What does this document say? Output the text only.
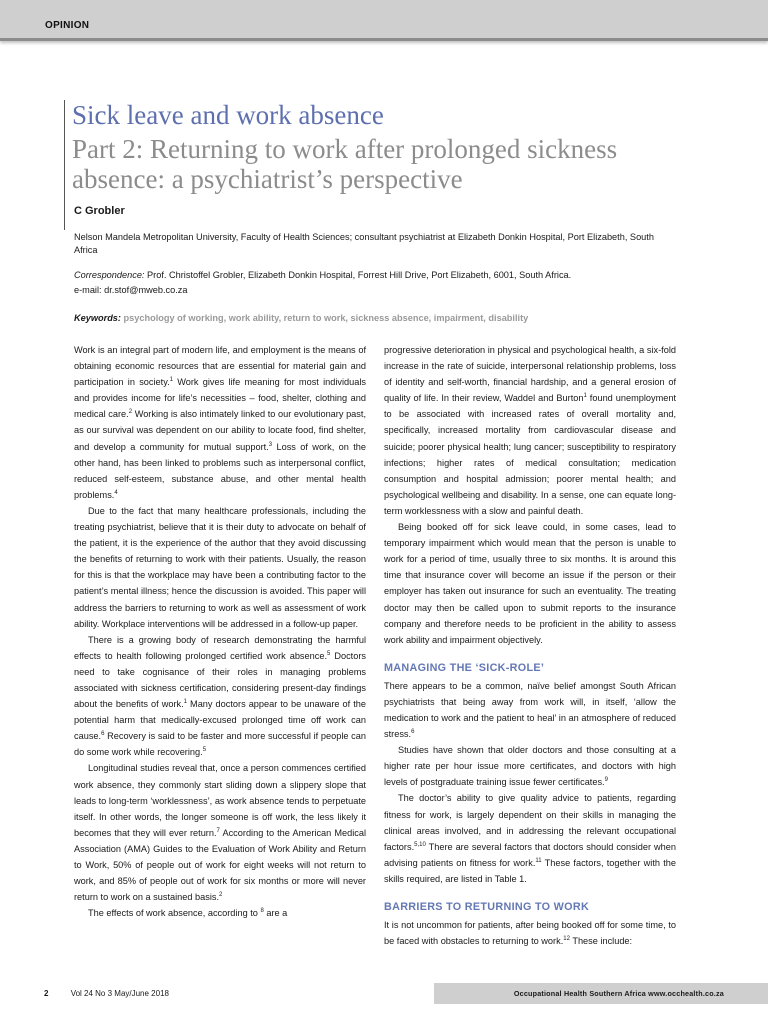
OPINION
Sick leave and work absence
Part 2: Returning to work after prolonged sickness absence: a psychiatrist’s perspective
C Grobler
Nelson Mandela Metropolitan University, Faculty of Health Sciences; consultant psychiatrist at Elizabeth Donkin Hospital, Port Elizabeth, South Africa
Correspondence: Prof. Christoffel Grobler, Elizabeth Donkin Hospital, Forrest Hill Drive, Port Elizabeth, 6001, South Africa.
e-mail: dr.stof@mweb.co.za
Keywords: psychology of working, work ability, return to work, sickness absence, impairment, disability

Work is an integral part of modern life, and employment is the means of obtaining economic resources that are essential for material gain and participation in society.$^1$ Work gives life meaning for most individuals and provides income for life’s necessities – food, shelter, clothing and medical care.$^2$ Working is also intimately linked to our evolutionary past, as our survival was dependent on our ability to locate food, find shelter, and develop a community for mutual support.$^3$ Loss of work, on the other hand, has been linked to problems such as interpersonal conflict, reduced self-esteem, substance abuse, and other mental health problems.$^4$

Due to the fact that many healthcare professionals, including the treating psychiatrist, believe that it is their duty to advocate on behalf of the patient, it is the experience of the author that they avoid discussing the benefits of returning to work with their patients. Usually, the reason for this is that the workplace may have been a contributing factor to the patient’s mental illness; hence the discussion is avoided. This paper will address the barriers to returning to work as well as assessment of work ability. Workplace interventions will be addressed in a follow-up paper.

There is a growing body of research demonstrating the harmful effects to health following prolonged certified work absence.$^5$ Doctors need to take cognisance of their roles in managing problems associated with sickness certification, considering present-day findings about the benefits of work.$^1$ Many doctors appear to be unaware of the potential harm that medically-excused prolonged time off work can cause.$^6$ Recovery is said to be faster and more successful if people can do some work while recovering.$^5$

Longitudinal studies reveal that, once a person commences certified work absence, they commonly start sliding down a slippery slope that leads to long-term ‘worklessness’, as work absence tends to perpetuate itself. In other words, the longer someone is off work, the less likely it becomes that they will ever return.$^7$ According to the American Medical Association (AMA) Guides to the Evaluation of Work Ability and Return to Work, 50% of people out of work for eight weeks will not return to work, and 85% of people out of work for six months or more will never return to work on a sustained basis.$^2$

The effects of work absence, according to $^8$ are a

progressive deterioration in physical and psychological health, a six-fold increase in the rate of suicide, interpersonal relationship problems, loss of identity and self-worth, financial hardship, and a general erosion of quality of life. In their review, Waddel and Burton$^1$ found unemployment to be associated with increased rates of overall mortality and, specifically, increased mortality from cardiovascular disease and suicide; poorer physical health; lung cancer; susceptibility to respiratory infections; higher rates of medical consultation; medication consumption and hospital admission; poorer mental health; and psychological wellbeing and disability. In a sense, one can equate long-term worklessness with a slow and painful death.

Being booked off for sick leave could, in some cases, lead to temporary impairment which would mean that the person is unable to work for a period of time, usually three to six months. It is around this time that insurance cover will become an issue if the person or their employer has taken out insurance for such an eventuality. The treating doctor may then be called upon to submit reports to the insurance company and therefore needs to be proficient in the ability to assess work ability and impairment objectively.

MANAGING THE ‘SICK-ROLE’

There appears to be a common, naïve belief amongst South African psychiatrists that being away from work will, in itself, ‘allow the medication to work and the patient to heal’ in an atmosphere of reduced stress.$^6$

Studies have shown that older doctors and those consulting at a higher rate per hour issue more certificates, and doctors with high levels of postgraduate training issue fewer certificates.$^9$

The doctor’s ability to give quality advice to patients, regarding fitness for work, is largely dependent on their skills in managing the clinical areas involved, and in addressing the relevant occupational factors.$^{5,10}$ There are several factors that doctors should consider when advising patients on fitness for work.$^{11}$ These factors, together with the skills required, are listed in Table 1.

BARRIERS TO RETURNING TO WORK

It is not uncommon for patients, after being booked off for some time, to be faced with obstacles to returning to work.$^{12}$ These include:

2	Vol 24 No 3 May/June 2018	Occupational Health Southern Africa www.occhealth.co.za
